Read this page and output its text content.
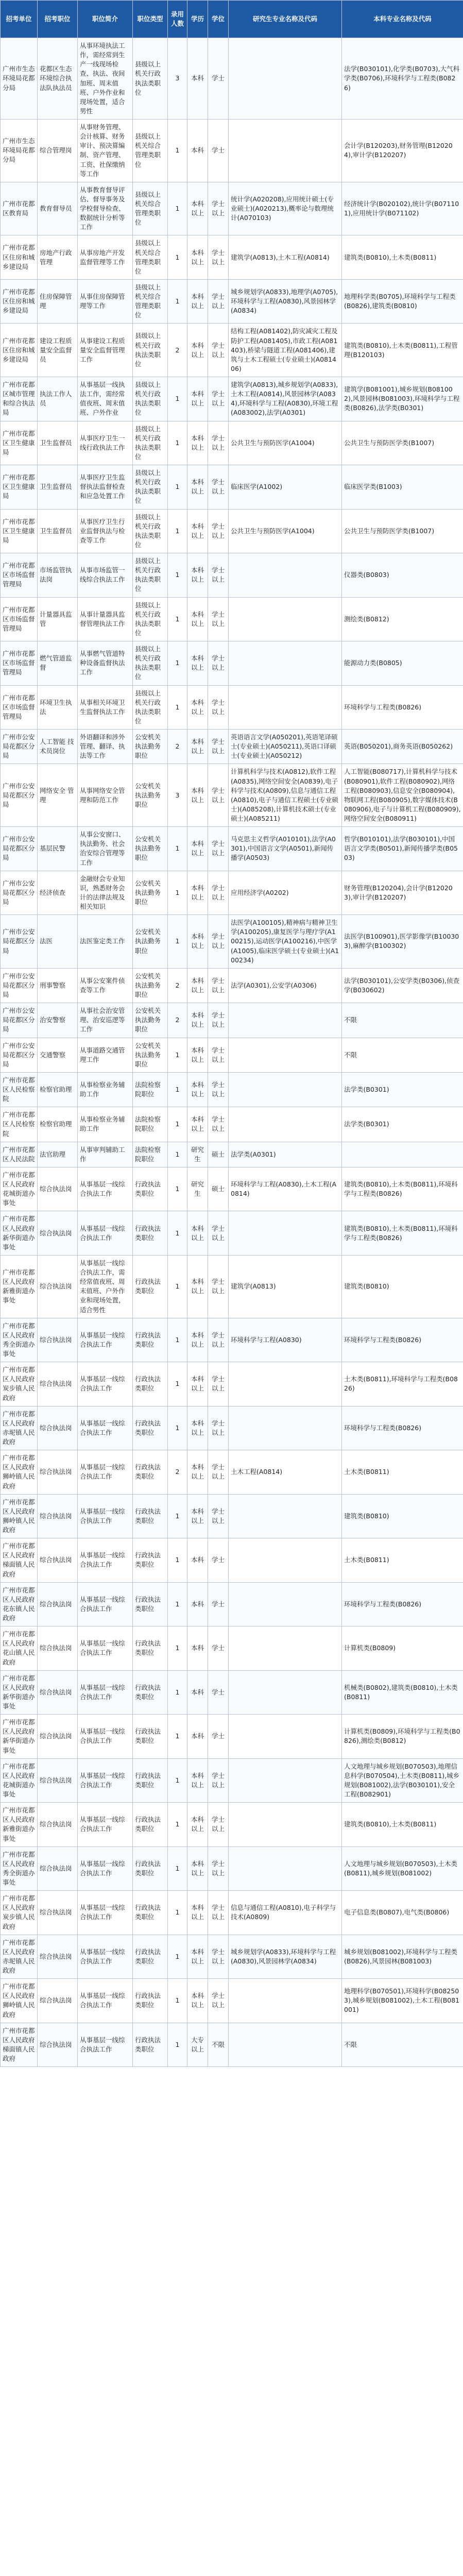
招考单位	招考职位	职位简介	职位类型	录用人数	学历	学位	研究生专业名称及代码	本科专业名称及代码
广州市生态环境局花都分局	花都区生态环境综合执法队执法员	从事环境执法工作，需经常到生产一线现场检查、执法、夜间加班、周末值班、户外作业和现场处置，适合男性	县级以上机关行政执法类职位	3	本科	学士		法学(B030101),化学类(B0703),大气科学类(B0706),环境科学与工程类(B0826)
广州市生态环境局花都分局	综合管理岗	从事财务管理、会计核算、财务审计、预决算编制、资产管理、工资、社保缴纳等工作	县级以上机关综合管理类职位	1	本科	学士		会计学(B120203),财务管理(B120204),审计学(B120207)
广州市花都区教育局	教育督导员	从事教育督导评估、督导事务及学校督导检查、数据统计分析等工作	县级以上机关综合管理类职位	1	本科以上	学士以上	统计学(A020208),应用统计硕士(专业硕士)(A020213),概率论与数理统计(A070103)	经济统计学(B020102),统计学(B071101),应用统计学(B071102)
广州市花都区住房和城乡建设局	房地产行政管理	从事房地产开发监督管理等工作	县级以上机关综合管理类职位	1	本科以上	学士以上	建筑学(A0813),土木工程(A0814)	建筑类(B0810),土木类(B0811)
广州市花都区住房和城乡建设局	住房保障管理	从事住房保障管理等工作	县级以上机关综合管理类职位	1	本科以上	学士以上	城乡规划学(A0833),地理学(A0705),环境科学与工程(A0830),风景园林学(A0834)	地理科学类(B0705),环境科学与工程类(B0826),建筑类(B0810)
广州市花都区住房和城乡建设局	建设工程质量安全监督员	从事建设工程质量安全监督管理工作	县级以上机关行政执法类职位	2	本科以上	学士以上	结构工程(A081402),防灾减灾工程及防护工程(A081405),市政工程(A081403),桥梁与隧道工程(A081406),建筑与土木工程硕士(专业硕士)(A081406)	建筑类(B0810),土木类(B0811),工程管理(B120103)
广州市花都区城市管理和综合执法局	执法工作人员	从事基层一线执法工作，需经常值夜班、周末值班、户外作业	县级以上机关行政执法类职位	1	本科以上	学士以上	建筑学(A0813),城乡规划学(A0833),土木工程(A0814),风景园林学(A0834),环境科学与工程(A0830),环境工程(A083002),法学(A0301)	建筑学(B081001),城乡规划(B081002),风景园林(B081003),环境科学与工程类(B0826),法学类(B0301)
广州市花都区卫生健康局	卫生监督员	从事医疗卫生一线行政执法工作	县级以上机关行政执法类职位	1	本科以上	学士以上	公共卫生与预防医学(A1004)	公共卫生与预防医学类(B1007)
广州市花都区卫生健康局	卫生监督员	从事医疗卫生监督执法监督检查和应急处置工作	县级以上机关行政执法类职位	1	本科以上	学士以上	临床医学(A1002)	临床医学类(B1003)
广州市花都区卫生健康局	卫生监督员	从事医疗卫生行业监督执法与检查等工作	县级以上机关行政执法类职位	1	本科以上	学士以上	公共卫生与预防医学(A1004)	公共卫生与预防医学类(B1007)
广州市花都区市场监督管理局	市场监管执法岗	从事市场监管一线综合执法工作	县级以上机关行政执法类职位	1	本科以上	学士以上		仪器类(B0803)
广州市花都区市场监督管理局	计量器具监管	从事计量器具监督管理执法工作	县级以上机关行政执法类职位	1	本科以上	学士以上		测绘类(B0812)
广州市花都区市场监督管理局	燃气管道监督	从事燃气管道特种设备监督执法工作	县级以上机关行政执法类职位	1	本科以上	学士以上		能源动力类(B0805)
广州市花都区市场监督管理局	环境卫生执法	从事相关环境卫生监督执法工作	县级以上机关行政执法类职位	1	本科以上	学士以上		环境科学与工程类(B0826)
广州市公安局花都区分局	人工智能 技术员岗位	外语翻译和涉外管理、翻译、执法等工作	公安机关执法勤务职位	2	本科以上	学士以上	英语语言文学(A050201),英语笔译硕士(专业硕士)(A050211),英语口译硕士(专业硕士)(A050212)	英语(B050201),商务英语(B050262)
广州市公安局花都区分局	网络安全 管理	从事网络安全管理和防范工作	公安机关执法勤务职位	3	本科以上	学士以上	计算机科学与技术(A0812),软件工程(A0835),网络空间安全(A0839),电子科学与技术(A0809),信息与通信工程(A0810),电子与通信工程硕士(专业硕士)(A085208),计算机技术硕士(专业硕士)(A085211)	人工智能(B080717),计算机科学与技术(B080901),软件工程(B080902),网络工程(B080903),信息安全(B080904),物联网工程(B080905),数字媒体技术(B080906),电子与计算机工程(B080909),网络空间安全(B080911)
广州市公安局花都区分局	基层民警	从事公安窗口、执法勤务、社会治安综合管理等工作	公安机关执法勤务职位	1	本科以上	学士以上	马克思主义哲学(A010101),法学(A0301),中国语言文学(A0501),新闻传播学(A0503)	哲学(B010101),法学(B030101),中国语言文学类(B0501),新闻传播学类(B0503)
广州市公安局花都区分局	经济侦查	金融财会专业知识，熟悉财务会计的法律法规及相关知识	公安机关执法勤务职位	1	本科以上	学士以上	应用经济学(A0202)	财务管理(B120204),会计学(B120203),审计学(B120207)
广州市公安局花都区分局	法医	法医鉴定类工作	公安机关执法勤务职位	1	本科以上	学士以上	法医学(A100105),精神病与精神卫生学(A100205),康复医学与理疗学(A100215),运动医学(A100216),中医学(A1005),临床医学硕士(专业硕士)(A100234)	法医学(B100901),医学影像学(B100303),麻醉学(B100302)
广州市公安局花都区分局	刑事警察	从事公安案件侦查等工作	公安机关执法勤务职位	2	本科以上	学士以上	法学(A0301),公安学(A0306)	法学(B030101),公安学类(B0306),侦查学(B030602)
广州市公安局花都区分局	治安警察	从事社会治安管理、治安巡逻等工作	公安机关执法勤务职位	2	本科以上	学士以上		不限
广州市公安局花都区分局	交通警察	从事道路交通管理工作	公安机关执法勤务职位	1	本科以上	学士以上		不限
广州市花都区人民检察院	检察官助理	从事检察业务辅助工作	法院检察院职位	1	本科以上	学士以上		法学类(B0301)
广州市花都区人民检察院	检察官助理	从事检察业务辅助工作	法院检察院职位	1	本科以上	学士以上		法学类(B0301)
广州市花都区人民法院	法官助理	从事审判辅助工作	法院检察院职位	1	研究生	硕士	法学类(A0301)	
广州市花都区人民政府花城街道办事处	综合执法岗	从事基层一线综合执法工作	行政执法类职位	1	研究生	硕士	环境科学与工程(A0830),土木工程(A0814)	建筑类(B0810),土木类(B0811),环境科学与工程类(B0826)
广州市花都区人民政府新华街道办事处	综合执法岗	从事基层一线综合执法工作	行政执法类职位	1	本科以上	学士以上		建筑类(B0810),土木类(B0811),环境科学与工程类(B0826)
广州市花都区人民政府新雅街道办事处	综合执法岗	从事基层一线综合执法工作，需经常值夜班、周末值班、户外作业和现场处置，适合男性	行政执法类职位	1	本科以上	学士以上	建筑学(A0813)	建筑类(B0810)
广州市花都区人民政府秀全街道办事处	综合执法岗	从事基层一线综合执法工作	行政执法类职位	1	本科以上	学士以上	环境科学与工程(A0830)	环境科学与工程类(B0826)
广州市花都区人民政府炭步镇人民政府	综合执法岗	从事基层一线综合执法工作	行政执法类职位	1	本科以上	学士以上		土木类(B0811),环境科学与工程类(B0826)
广州市花都区人民政府赤坭镇人民政府	综合执法岗	从事基层一线综合执法工作	行政执法类职位	1	本科以上	学士以上		环境科学与工程类(B0826)
广州市花都区人民政府狮岭镇人民政府	综合执法岗	从事基层一线综合执法工作	行政执法类职位	2	本科以上	学士以上	土木工程(A0814)	土木类(B0811)
广州市花都区人民政府狮岭镇人民政府	综合执法岗	从事基层一线综合执法工作	行政执法类职位	1	本科以上	学士以上		建筑类(B0810)
广州市花都区人民政府梯面镇人民政府	综合执法岗	从事基层一线综合执法工作	行政执法类职位	1	本科	学士		土木类(B0811)
广州市花都区人民政府花东镇人民政府	综合执法岗	从事基层一线综合执法工作	行政执法类职位	1	本科	学士		环境科学与工程类(B0826)
广州市花都区人民政府花山镇人民政府	综合执法岗	从事基层一线综合执法工作	行政执法类职位	1	本科	学士		计算机类(B0809)
广州市花都区人民政府新华街道办事处	综合执法岗	从事基层一线综合执法工作	行政执法类职位	1	本科	学士		机械类(B0802),建筑类(B0810),土木类(B0811)
广州市花都区人民政府新华街道办事处	综合执法岗	从事基层一线综合执法工作	行政执法类职位	1	本科	学士		计算机类(B0809),环境科学与工程类(B0826),测绘类(B0812)
广州市花都区人民政府花城街道办事处	综合执法岗	从事基层一线综合执法工作	行政执法类职位	1	本科以上	学士以上		人文地理与城乡规划(B070503),地理信息科学(B070504),土木类(B0811),城乡规划(B081002),法学(B030101),安全工程(B082901)
广州市花都区人民政府新雅街道办事处	综合执法岗	从事基层一线综合执法工作	行政执法类职位	1	本科以上	学士以上		建筑类(B0810),土木类(B0811)
广州市花都区人民政府秀全街道办事处	综合执法岗	从事基层一线综合执法工作	行政执法类职位	1	本科以上	学士以上		人文地理与城乡规划(B070503),土木类(B0811),城乡规划(B081002)
广州市花都区人民政府炭步镇人民政府	综合执法岗	从事基层一线综合执法工作	行政执法类职位	1	本科以上	学士以上	信息与通信工程(A0810),电子科学与技术(A0809)	电子信息类(B0807),电气类(B0806)
广州市花都区人民政府赤坭镇人民政府	综合执法岗	从事基层一线综合执法工作	行政执法类职位	1	本科以上	学士以上	城乡规划学(A0833),环境科学与工程(A0830),风景园林学(A0834)	城乡规划(B081002),环境科学与工程类(B0826),风景园林(B081003)
广州市花都区人民政府狮岭镇人民政府	综合执法岗	从事基层一线综合执法工作	行政执法类职位	1	本科以上	学士以上		地理科学(B070501),环境科学(B082503),城乡规划(B081002),土木工程(B081001)
广州市花都区人民政府梯面镇人民政府	综合执法岗	从事基层一线综合执法工作	行政执法类职位	1	大专以上	不限		不限
